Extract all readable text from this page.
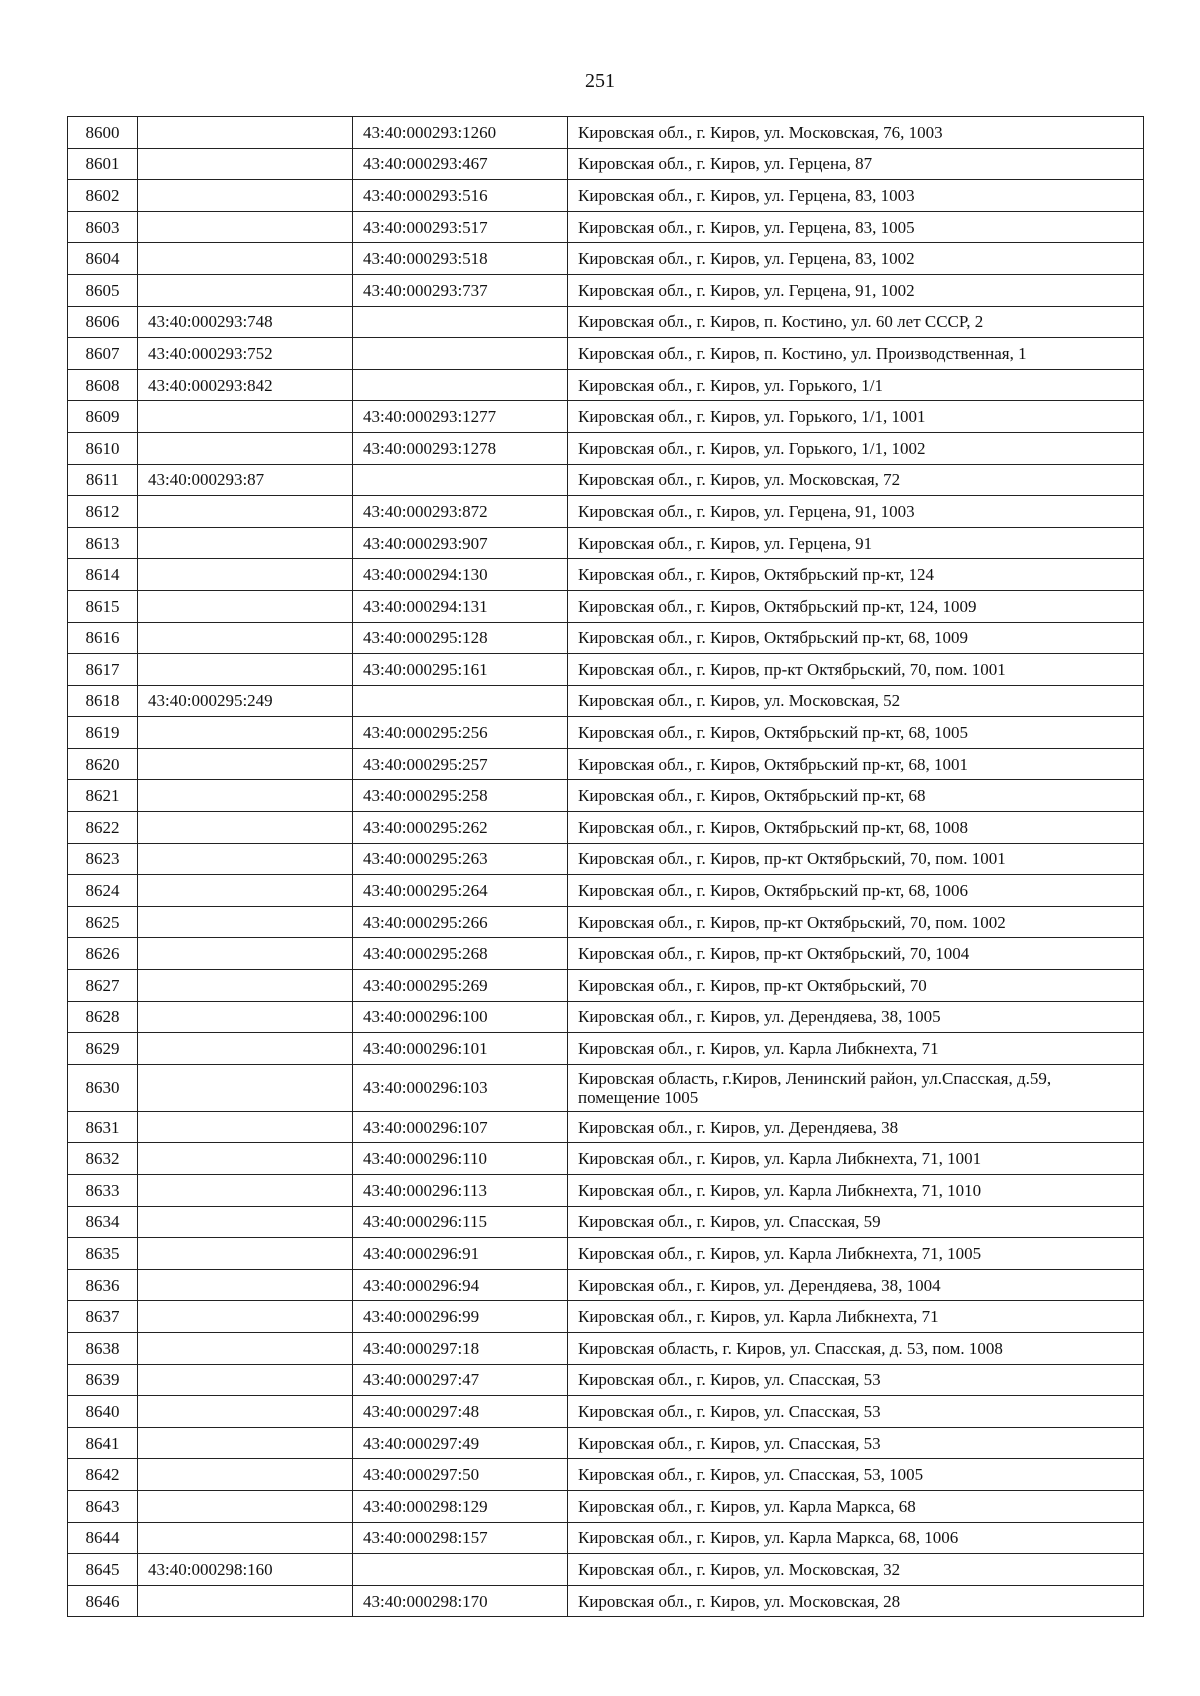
251
8600		43:40:000293:1260	Кировская обл., г. Киров, ул. Московская, 76, 1003
8601		43:40:000293:467	Кировская обл., г. Киров, ул. Герцена, 87
8602		43:40:000293:516	Кировская обл., г. Киров, ул. Герцена, 83, 1003
8603		43:40:000293:517	Кировская обл., г. Киров, ул. Герцена, 83, 1005
8604		43:40:000293:518	Кировская обл., г. Киров, ул. Герцена, 83, 1002
8605		43:40:000293:737	Кировская обл., г. Киров, ул. Герцена, 91, 1002
8606	43:40:000293:748		Кировская обл., г. Киров, п. Костино, ул. 60 лет СССР, 2
8607	43:40:000293:752		Кировская обл., г. Киров, п. Костино, ул. Производственная, 1
8608	43:40:000293:842		Кировская обл., г. Киров, ул. Горького, 1/1
8609		43:40:000293:1277	Кировская обл., г. Киров, ул. Горького, 1/1, 1001
8610		43:40:000293:1278	Кировская обл., г. Киров, ул. Горького, 1/1, 1002
8611	43:40:000293:87		Кировская обл., г. Киров, ул. Московская, 72
8612		43:40:000293:872	Кировская обл., г. Киров, ул. Герцена, 91, 1003
8613		43:40:000293:907	Кировская обл., г. Киров, ул. Герцена, 91
8614		43:40:000294:130	Кировская обл., г. Киров, Октябрьский пр-кт, 124
8615		43:40:000294:131	Кировская обл., г. Киров, Октябрьский пр-кт, 124, 1009
8616		43:40:000295:128	Кировская обл., г. Киров, Октябрьский пр-кт, 68, 1009
8617		43:40:000295:161	Кировская обл., г. Киров, пр-кт Октябрьский, 70, пом. 1001
8618	43:40:000295:249		Кировская обл., г. Киров, ул. Московская, 52
8619		43:40:000295:256	Кировская обл., г. Киров, Октябрьский пр-кт, 68, 1005
8620		43:40:000295:257	Кировская обл., г. Киров, Октябрьский пр-кт, 68, 1001
8621		43:40:000295:258	Кировская обл., г. Киров, Октябрьский пр-кт, 68
8622		43:40:000295:262	Кировская обл., г. Киров, Октябрьский пр-кт, 68, 1008
8623		43:40:000295:263	Кировская обл., г. Киров, пр-кт Октябрьский, 70, пом. 1001
8624		43:40:000295:264	Кировская обл., г. Киров, Октябрьский пр-кт, 68, 1006
8625		43:40:000295:266	Кировская обл., г. Киров, пр-кт Октябрьский, 70, пом. 1002
8626		43:40:000295:268	Кировская обл., г. Киров, пр-кт Октябрьский, 70, 1004
8627		43:40:000295:269	Кировская обл., г. Киров, пр-кт Октябрьский, 70
8628		43:40:000296:100	Кировская обл., г. Киров, ул. Дерендяева, 38, 1005
8629		43:40:000296:101	Кировская обл., г. Киров, ул. Карла Либкнехта, 71
8630		43:40:000296:103	Кировская область, г.Киров, Ленинский район, ул.Спасская, д.59, помещение 1005
8631		43:40:000296:107	Кировская обл., г. Киров, ул. Дерендяева, 38
8632		43:40:000296:110	Кировская обл., г. Киров, ул. Карла Либкнехта, 71, 1001
8633		43:40:000296:113	Кировская обл., г. Киров, ул. Карла Либкнехта, 71, 1010
8634		43:40:000296:115	Кировская обл., г. Киров, ул. Спасская, 59
8635		43:40:000296:91	Кировская обл., г. Киров, ул. Карла Либкнехта, 71, 1005
8636		43:40:000296:94	Кировская обл., г. Киров, ул. Дерендяева, 38, 1004
8637		43:40:000296:99	Кировская обл., г. Киров, ул. Карла Либкнехта, 71
8638		43:40:000297:18	Кировская область, г. Киров, ул. Спасская, д. 53, пом. 1008
8639		43:40:000297:47	Кировская обл., г. Киров, ул. Спасская, 53
8640		43:40:000297:48	Кировская обл., г. Киров, ул. Спасская, 53
8641		43:40:000297:49	Кировская обл., г. Киров, ул. Спасская, 53
8642		43:40:000297:50	Кировская обл., г. Киров, ул. Спасская, 53, 1005
8643		43:40:000298:129	Кировская обл., г. Киров, ул. Карла Маркса, 68
8644		43:40:000298:157	Кировская обл., г. Киров, ул. Карла Маркса, 68, 1006
8645	43:40:000298:160		Кировская обл., г. Киров, ул. Московская, 32
8646		43:40:000298:170	Кировская обл., г. Киров, ул. Московская, 28
